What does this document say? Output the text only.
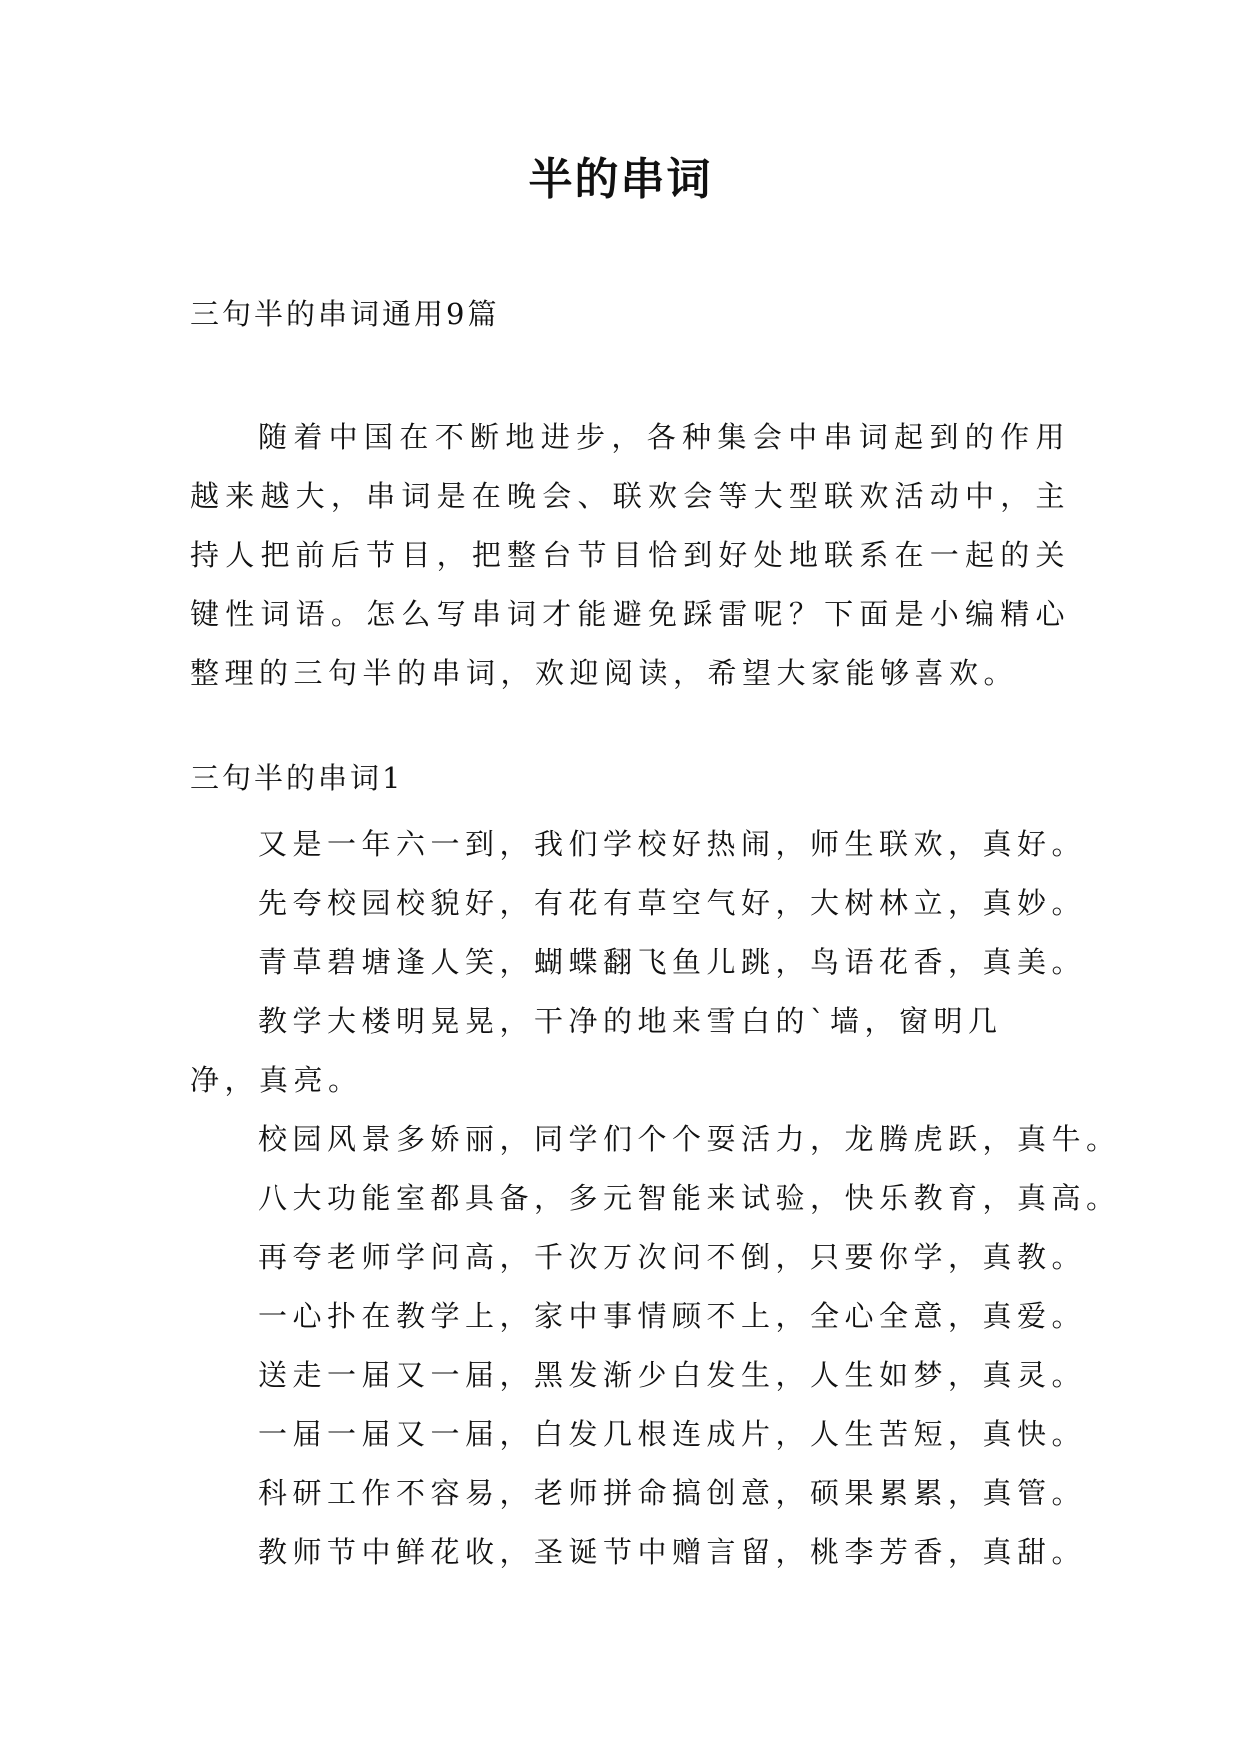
半的串词

三句半的串词通用9篇

随着中国在不断地进步，各种集会中串词起到的作用越来越大，串词是在晚会、联欢会等大型联欢活动中，主持人把前后节目，把整台节目恰到好处地联系在一起的关键性词语。怎么写串词才能避免踩雷呢？下面是小编精心整理的三句半的串词，欢迎阅读，希望大家能够喜欢。

三句半的串词1

又是一年六一到，我们学校好热闹，师生联欢，真好。

先夸校园校貌好，有花有草空气好，大树林立，真妙。

青草碧塘逢人笑，蝴蝶翻飞鱼儿跳，鸟语花香，真美。

教学大楼明晃晃，干净的地来雪白的`墙，窗明几净，真亮。

校园风景多娇丽，同学们个个耍活力，龙腾虎跃，真牛。

八大功能室都具备，多元智能来试验，快乐教育，真高。

再夸老师学问高，千次万次问不倒，只要你学，真教。

一心扑在教学上，家中事情顾不上，全心全意，真爱。

送走一届又一届，黑发渐少白发生，人生如梦，真灵。

一届一届又一届，白发几根连成片，人生苦短，真快。

科研工作不容易，老师拼命搞创意，硕果累累，真管。

教师节中鲜花收，圣诞节中赠言留，桃李芳香，真甜。
